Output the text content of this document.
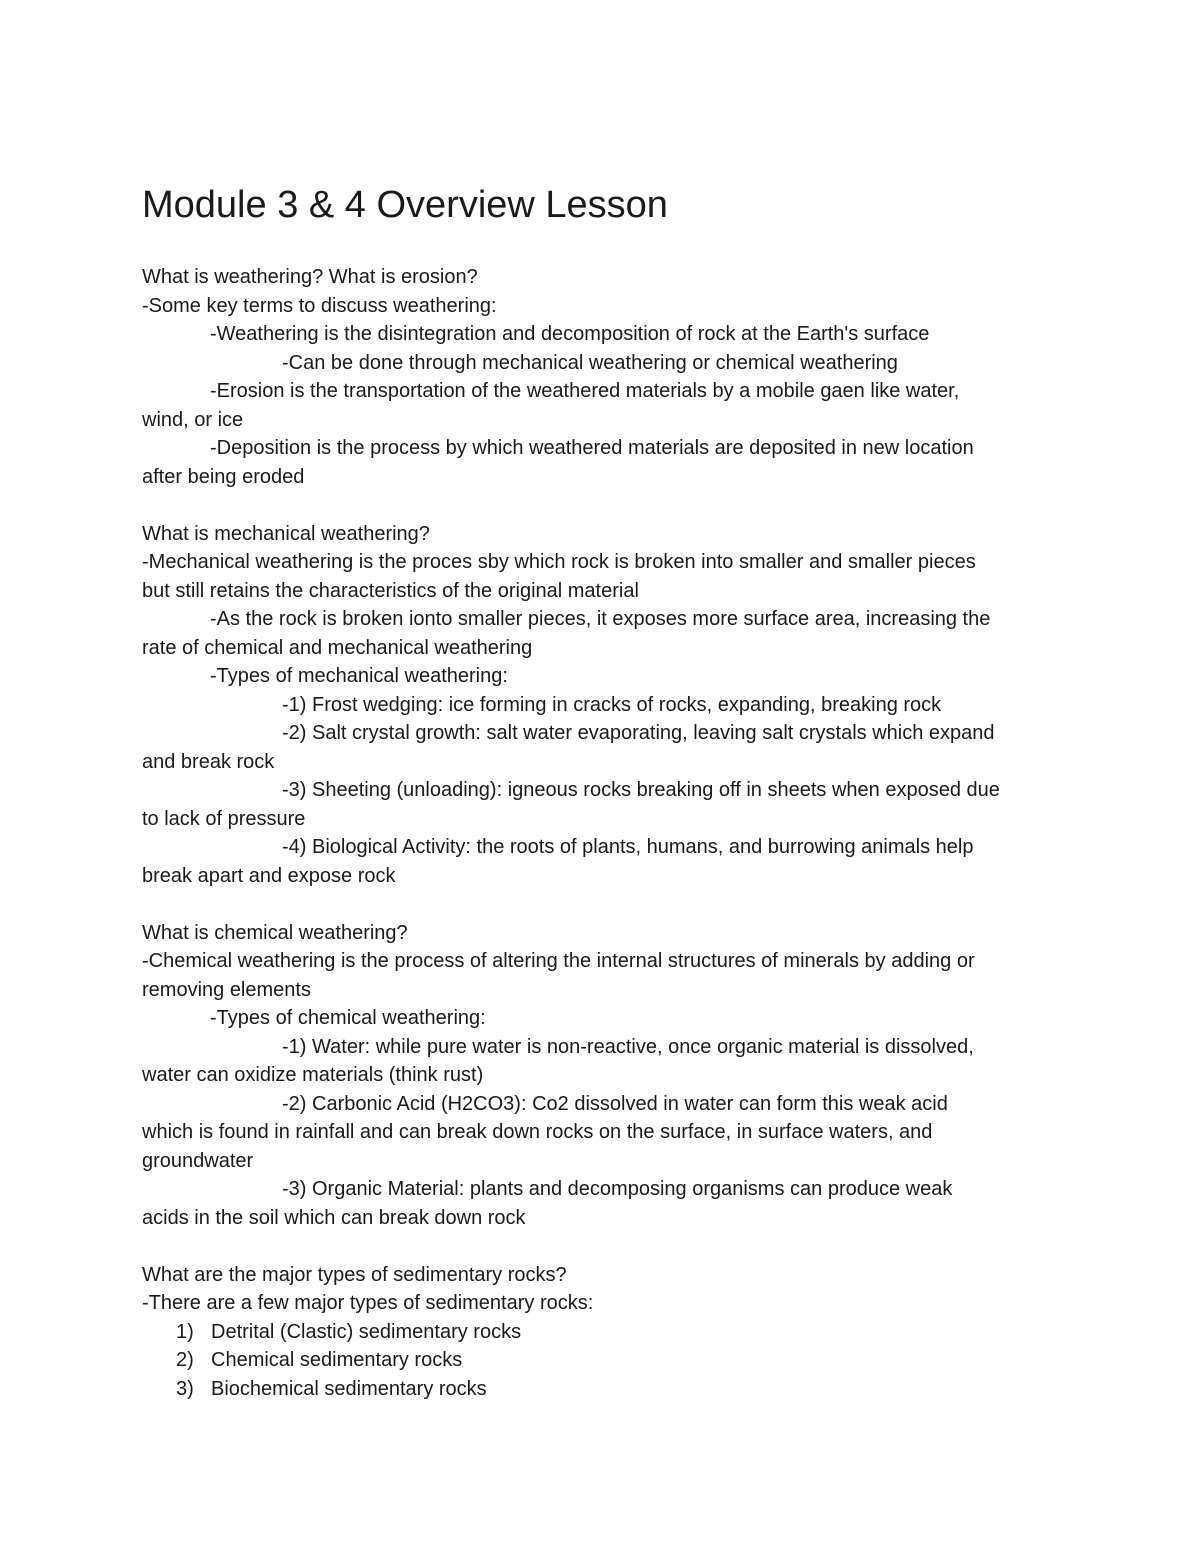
Module 3 & 4 Overview Lesson
What is weathering? What is erosion?
-Some key terms to discuss weathering:
-Weathering is the disintegration and decomposition of rock at the Earth's surface
-Can be done through mechanical weathering or chemical weathering
-Erosion is the transportation of the weathered materials by a mobile gaen like water,
wind, or ice
-Deposition is the process by which weathered materials are deposited in new location
after being eroded
What is mechanical weathering?
-Mechanical weathering is the proces sby which rock is broken into smaller and smaller pieces
but still retains the characteristics of the original material
-As the rock is broken ionto smaller pieces, it exposes more surface area, increasing the
rate of chemical and mechanical weathering
-Types of mechanical weathering:
-1) Frost wedging: ice forming in cracks of rocks, expanding, breaking rock
-2) Salt crystal growth: salt water evaporating, leaving salt crystals which expand
and break rock
-3) Sheeting (unloading): igneous rocks breaking off in sheets when exposed due
to lack of pressure
-4) Biological Activity: the roots of plants, humans, and burrowing animals help
break apart and expose rock
What is chemical weathering?
-Chemical weathering is the process of altering the internal structures of minerals by adding or
removing elements
-Types of chemical weathering:
-1) Water: while pure water is non-reactive, once organic material is dissolved,
water can oxidize materials (think rust)
-2) Carbonic Acid (H2CO3): Co2 dissolved in water can form this weak acid
which is found in rainfall and can break down rocks on the surface, in surface waters, and
groundwater
-3) Organic Material: plants and decomposing organisms can produce weak
acids in the soil which can break down rock
What are the major types of sedimentary rocks?
-There are a few major types of sedimentary rocks:
1) Detrital (Clastic) sedimentary rocks
2) Chemical sedimentary rocks
3) Biochemical sedimentary rocks
